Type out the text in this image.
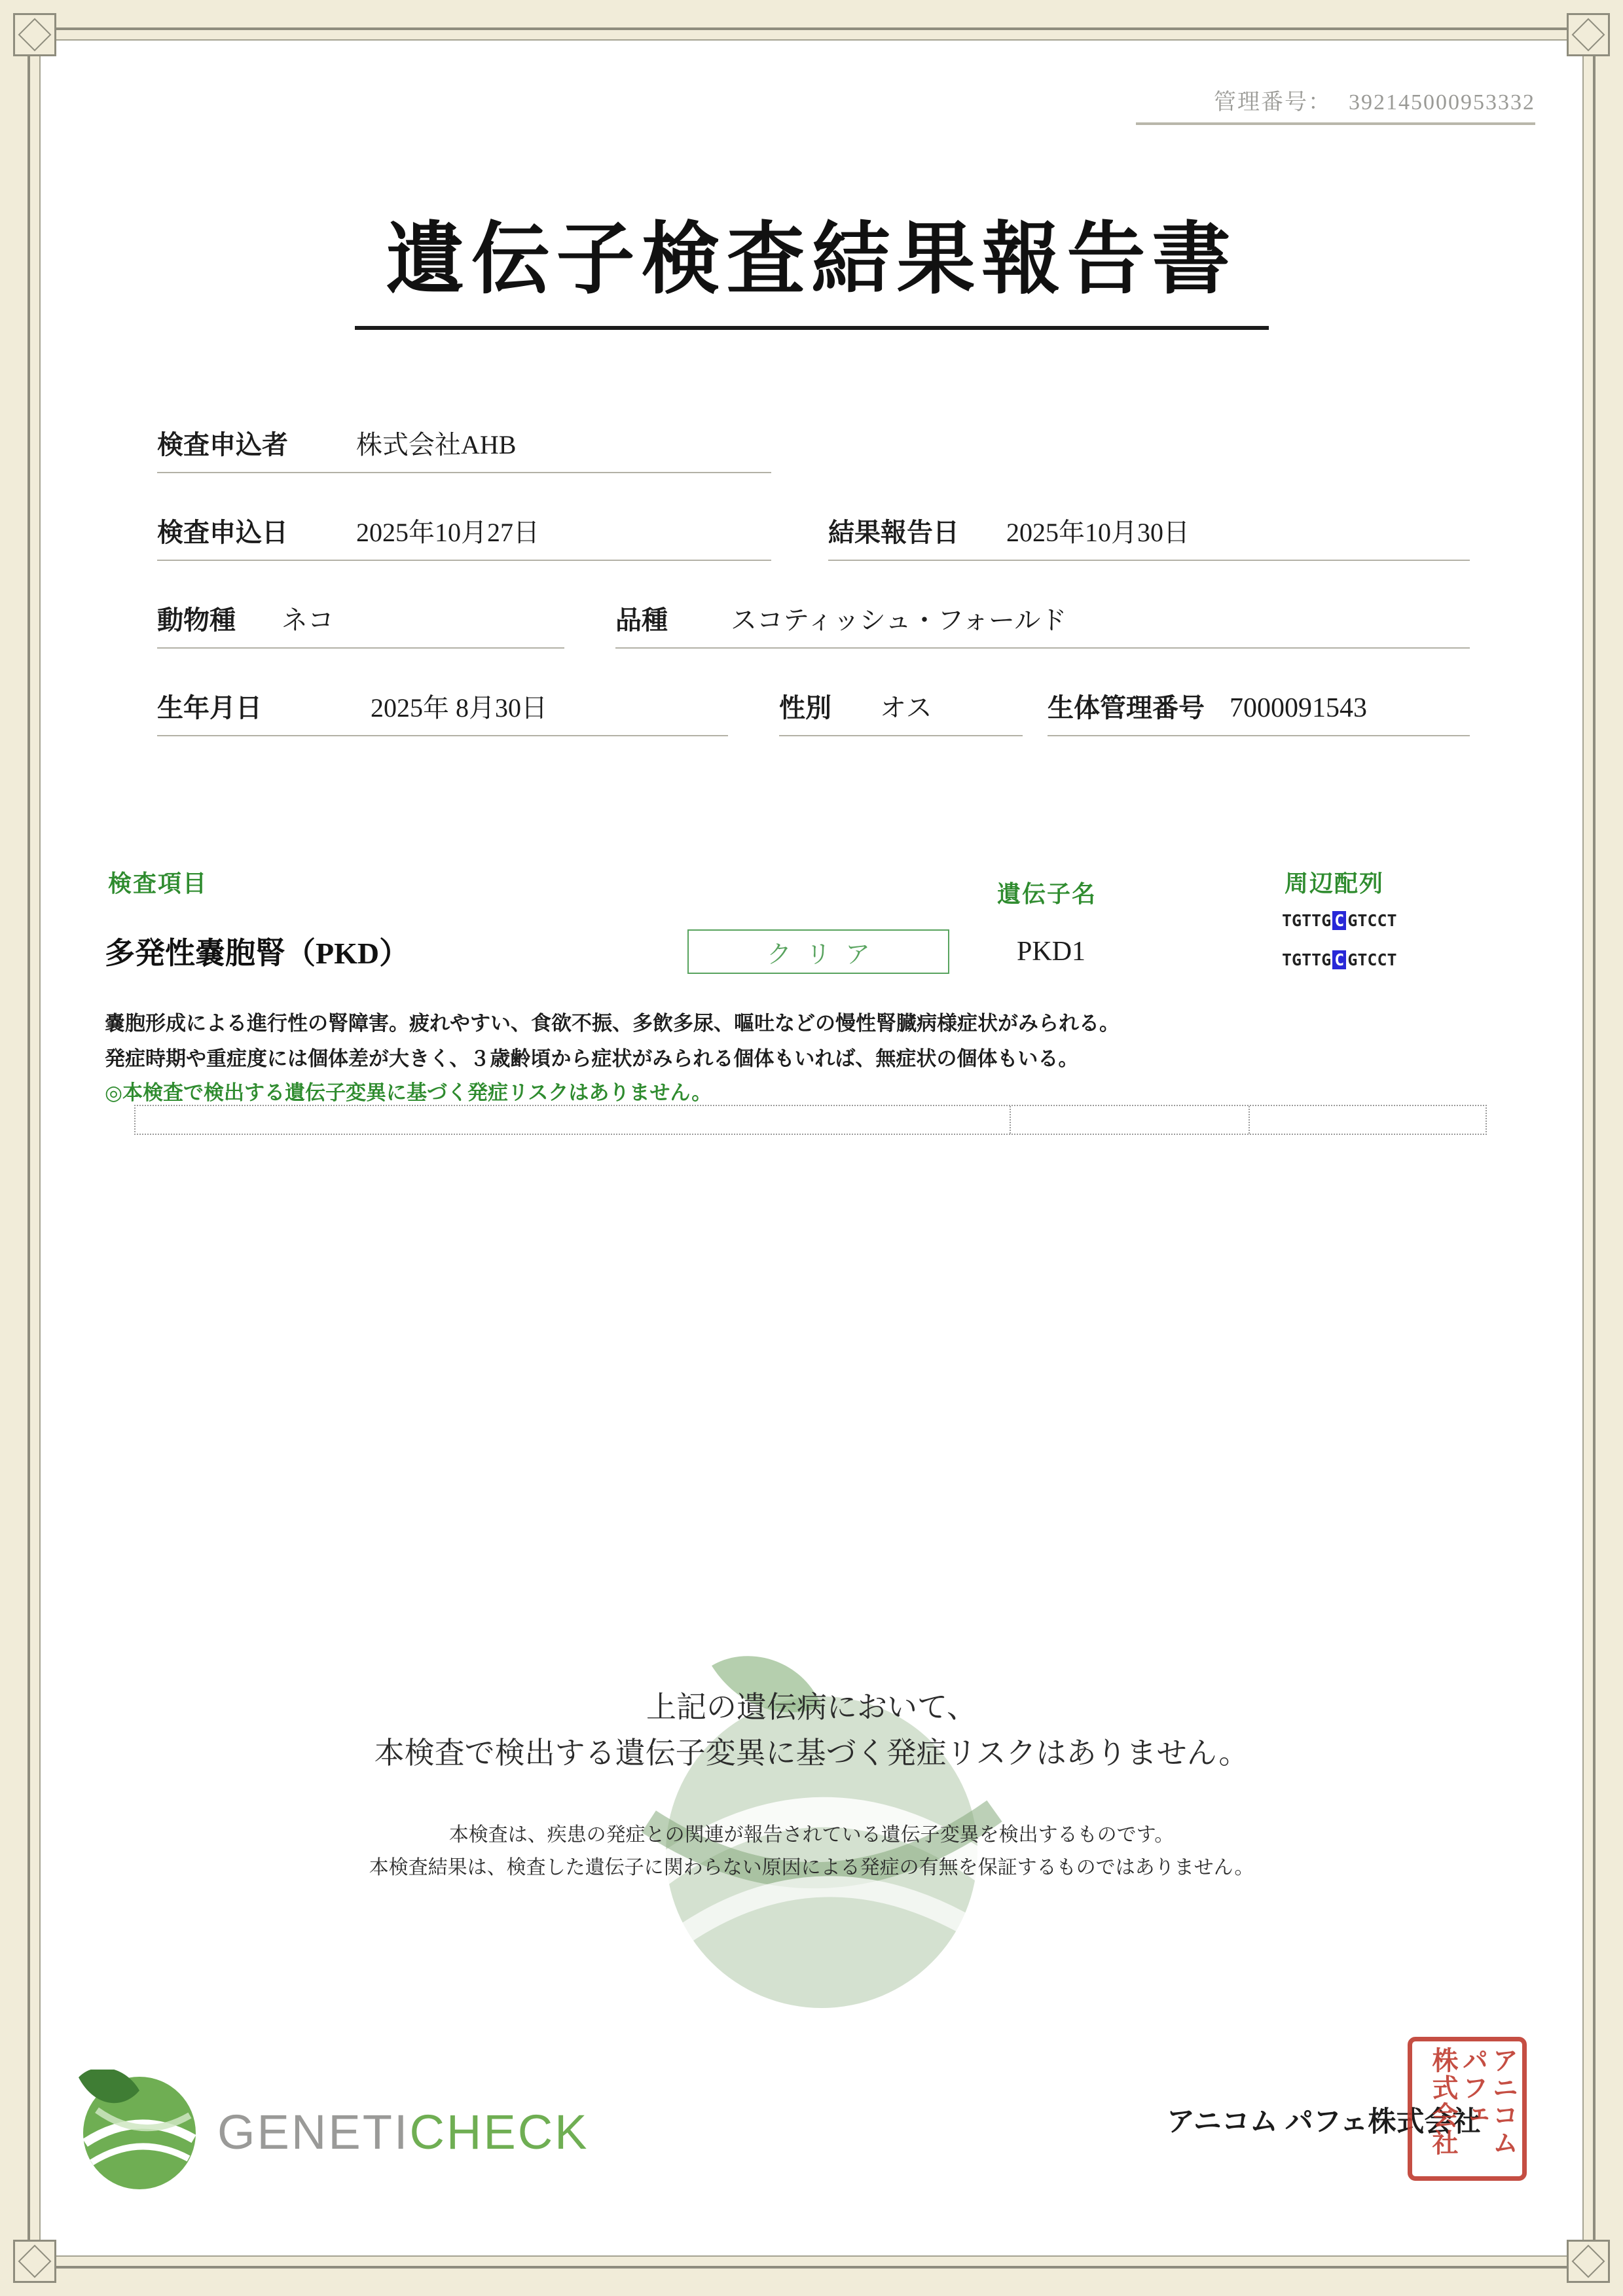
管理番号： 392145000953332
遺伝子検査結果報告書
検査申込者	株式会社AHB
検査申込日	2025年10月27日	結果報告日 2025年10月30日
動物種 ネコ	品種 スコティッシュ・フォールド
生年月日	2025年 8月30日	性別 オス	生体管理番号 7000091543
検査項目	遺伝子名	周辺配列
多発性嚢胞腎（PKD）	クリア	PKD1
TGTTG C GTCCT
TGTTG C GTCCT
嚢胞形成による進行性の腎障害。疲れやすい、食欲不振、多飲多尿、嘔吐などの慢性腎臓病様症状がみられる。
発症時期や重症度には個体差が大きく、３歳齢頃から症状がみられる個体もいれば、無症状の個体もいる。
◎本検査で検出する遺伝子変異に基づく発症リスクはありません。
上記の遺伝病において、
本検査で検出する遺伝子変異に基づく発症リスクはありません。
本検査は、疾患の発症との関連が報告されている遺伝子変異を検出するものです。
本検査結果は、検査した遺伝子に関わらない原因による発症の有無を保証するものではありません。
GENETICHECK	アニコム パフェ株式会社 アニコム
パフェ
株式会社
